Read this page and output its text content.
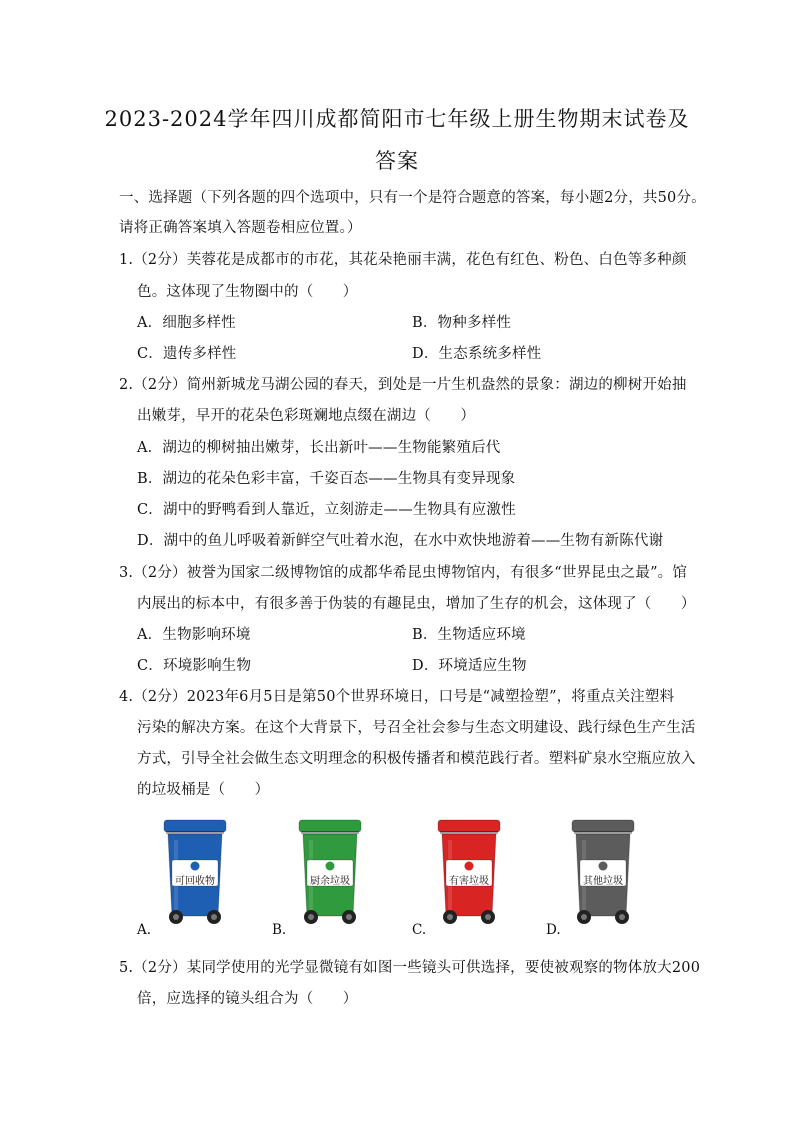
2023-2024学年四川成都简阳市七年级上册生物期末试卷及
答案
一、选择题（下列各题的四个选项中，只有一个是符合题意的答案，每小题2分，共50分。
请将正确答案填入答题卷相应位置。）
1.（2分）芙蓉花是成都市的市花，其花朵艳丽丰满，花色有红色、粉色、白色等多种颜
色。这体现了生物圈中的（　　）
A．细胞多样性	B．物种多样性
C．遗传多样性	D．生态系统多样性
2.（2分）简州新城龙马湖公园的春天，到处是一片生机盎然的景象：湖边的柳树开始抽
出嫩芽，早开的花朵色彩斑斓地点缀在湖边（　　）
A．湖边的柳树抽出嫩芽，长出新叶——生物能繁殖后代
B．湖边的花朵色彩丰富，千姿百态——生物具有变异现象
C．湖中的野鸭看到人靠近，立刻游走——生物具有应激性
D．湖中的鱼儿呼吸着新鲜空气吐着水泡，在水中欢快地游着——生物有新陈代谢
3.（2分）被誉为国家二级博物馆的成都华希昆虫博物馆内，有很多“世界昆虫之最”。馆
内展出的标本中，有很多善于伪装的有趣昆虫，增加了生存的机会，这体现了（　　）
A．生物影响环境	B．生物适应环境
C．环境影响生物	D．环境适应生物
4.（2分）2023年6月5日是第50个世界环境日，口号是“减塑捡塑”，将重点关注塑料
污染的解决方案。在这个大背景下，号召全社会参与生态文明建设、践行绿色生产生活
方式，引导全社会做生态文明理念的积极传播者和模范践行者。塑料矿泉水空瓶应放入
的垃圾桶是（　　）
可回收物
A.
厨余垃圾
B.
有害垃圾
C.
其他垃圾
D.
5.（2分）某同学使用的光学显微镜有如图一些镜头可供选择，要使被观察的物体放大200
倍，应选择的镜头组合为（　　）
